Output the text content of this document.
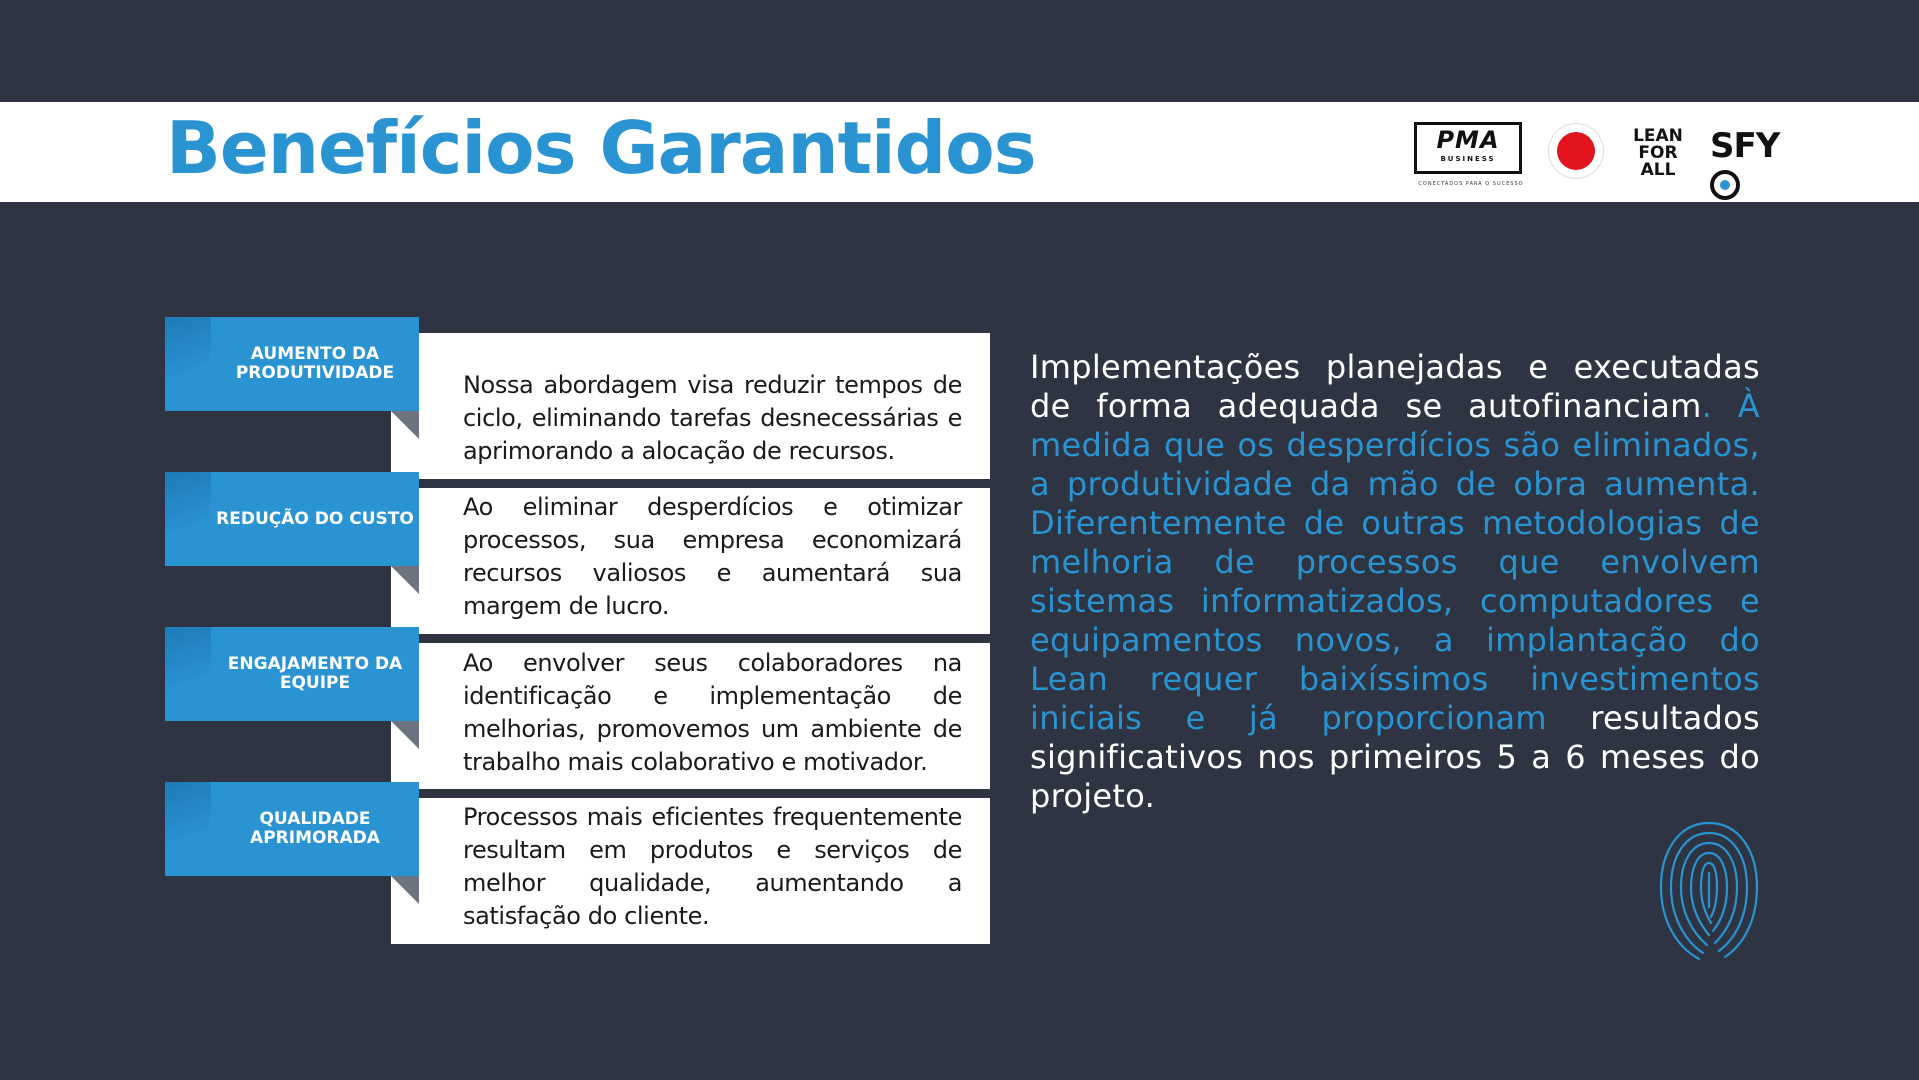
Benefícios Garantidos	PMA
BUSINESS
CONECTADOS PARA O SUCESSO
LEAN
FOR ALL
SFY
Nossa abordagem visa reduzir tempos de ciclo, eliminando tarefas desnecessárias e aprimorando a alocação de recursos.
AUMENTO DA PRODUTIVIDADE
Ao eliminar desperdícios e otimizar processos, sua empresa economizará recursos valiosos e aumentará sua margem de lucro.
REDUÇÃO DO CUSTO
Ao envolver seus colaboradores na identificação e implementação de melhorias, promovemos um ambiente de trabalho mais colaborativo e motivador.
ENGAJAMENTO DA EQUIPE
Processos mais eficientes frequentemente resultam em produtos e serviços de melhor qualidade, aumentando a satisfação do cliente.
QUALIDADE APRIMORADA
Implementações planejadas e executadas de forma adequada se autofinanciam. À medida que os desperdícios são eliminados, a produtividade da mão de obra aumenta. Diferentemente de outras metodologias de melhoria de processos que envolvem sistemas informatizados, computadores e equipamentos novos, a implantação do Lean requer baixíssimos investimentos iniciais e já proporcionam resultados significativos nos primeiros 5 a 6 meses do projeto.
